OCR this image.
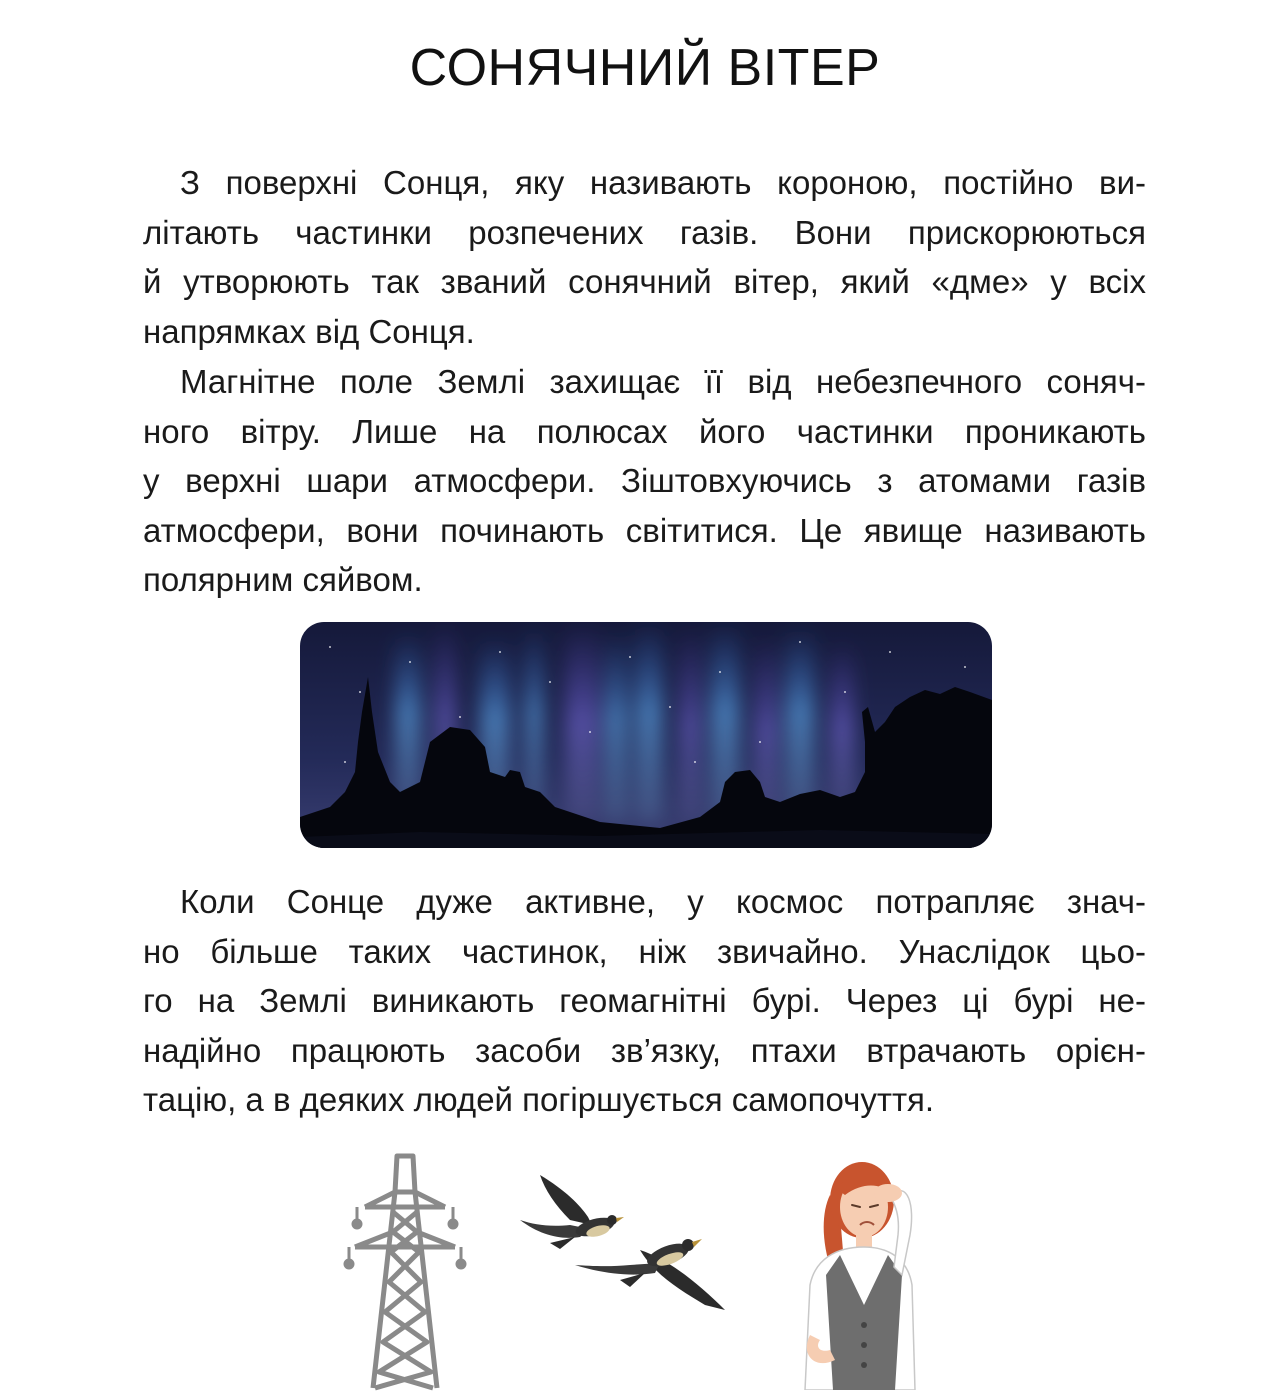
СОНЯЧНИЙ ВІТЕР
З поверхні Сонця, яку називають короною, постійно ви-
літають частинки розпечених газів. Вони прискорюються
й утворюють так званий сонячний вітер, який «дме» у всіх
напрямках від Сонця.
Магнітне поле Землі захищає її від небезпечного соняч-
ного вітру. Лише на полюсах його частинки проникають
у верхні шари атмосфери. Зіштовхуючись з атомами газів
атмосфери, вони починають світитися. Це явище називають
полярним сяйвом.
Коли Сонце дуже активне, у космос потрапляє знач-
но більше таких частинок, ніж звичайно. Унаслідок цьо-
го на Землі виникають геомагнітні бурі. Через ці бурі не-
надійно працюють засоби зв’язку, птахи втрачають орієн-
тацію, а в деяких людей погіршується самопочуття.
